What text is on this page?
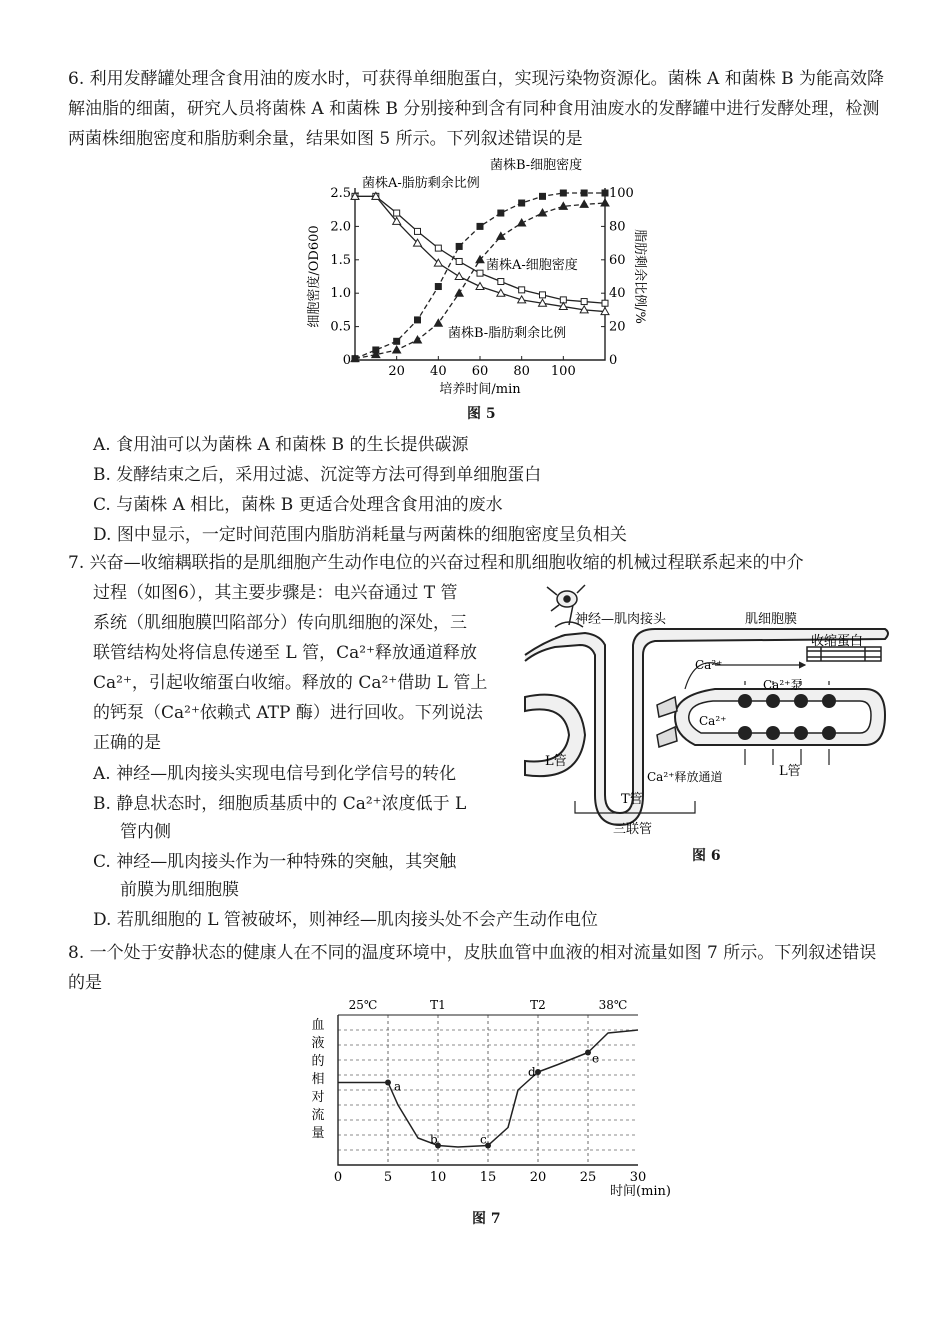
6. 利用发酵罐处理含食用油的废水时，可获得单细胞蛋白，实现污染物资源化。菌株 A 和菌株 B 为能高效降解油脂的细菌，研究人员将菌株 A 和菌株 B 分别接种到含有同种食用油废水的发酵罐中进行发酵处理，检测两菌株细胞密度和脂肪剩余量，结果如图 5 所示。下列叙述错误的是
20 40 60 80 100
0
0.5
1.0
1.5
2.0
2.5
0
20
40
60
80
100
培养时间/min
细胞密度/OD600	脂肪剩余比例/%
菌株B-细胞密度
菌株A-脂肪剩余比例
菌株A-细胞密度
菌株B-脂肪剩余比例
图 5
A. 食用油可以为菌株 A 和菌株 B 的生长提供碳源
B. 发酵结束之后，采用过滤、沉淀等方法可得到单细胞蛋白
C. 与菌株 A 相比，菌株 B 更适合处理含食用油的废水
D. 图中显示，一定时间范围内脂肪消耗量与两菌株的细胞密度呈负相关
7. 兴奋—收缩耦联指的是肌细胞产生动作电位的兴奋过程和肌细胞收缩的机械过程联系起来的中介
过程（如图6），其主要步骤是：电兴奋通过 T 管
系统（肌细胞膜凹陷部分）传向肌细胞的深处，三
联管结构处将信息传递至 L 管，Ca²⁺释放通道释放
Ca²⁺，引起收缩蛋白收缩。释放的 Ca²⁺借助 L 管上
的钙泵（Ca²⁺依赖式 ATP 酶）进行回收。下列说法
正确的是
A. 神经—肌肉接头实现电信号到化学信号的转化
B. 静息状态时，细胞质基质中的 Ca²⁺浓度低于 L
管内侧
C. 神经—肌肉接头作为一种特殊的突触，其突触
前膜为肌细胞膜
D. 若肌细胞的 L 管被破坏，则神经—肌肉接头处不会产生动作电位
神经—肌肉接头	肌细胞膜
收缩蛋白
Ca²⁺
Ca²⁺泵
Ca²⁺
L管
Ca²⁺释放通道	L管
T管
三联管
图 6
8. 一个处于安静状态的健康人在不同的温度环境中，皮肤血管中血液的相对流量如图 7 所示。下列叙述错误的是
0	5	10	15	20	25	30
时间(min)
25℃	T1	T2	38℃
血
液
的
相
对
流
量
a
b	c
d
e
图 7
